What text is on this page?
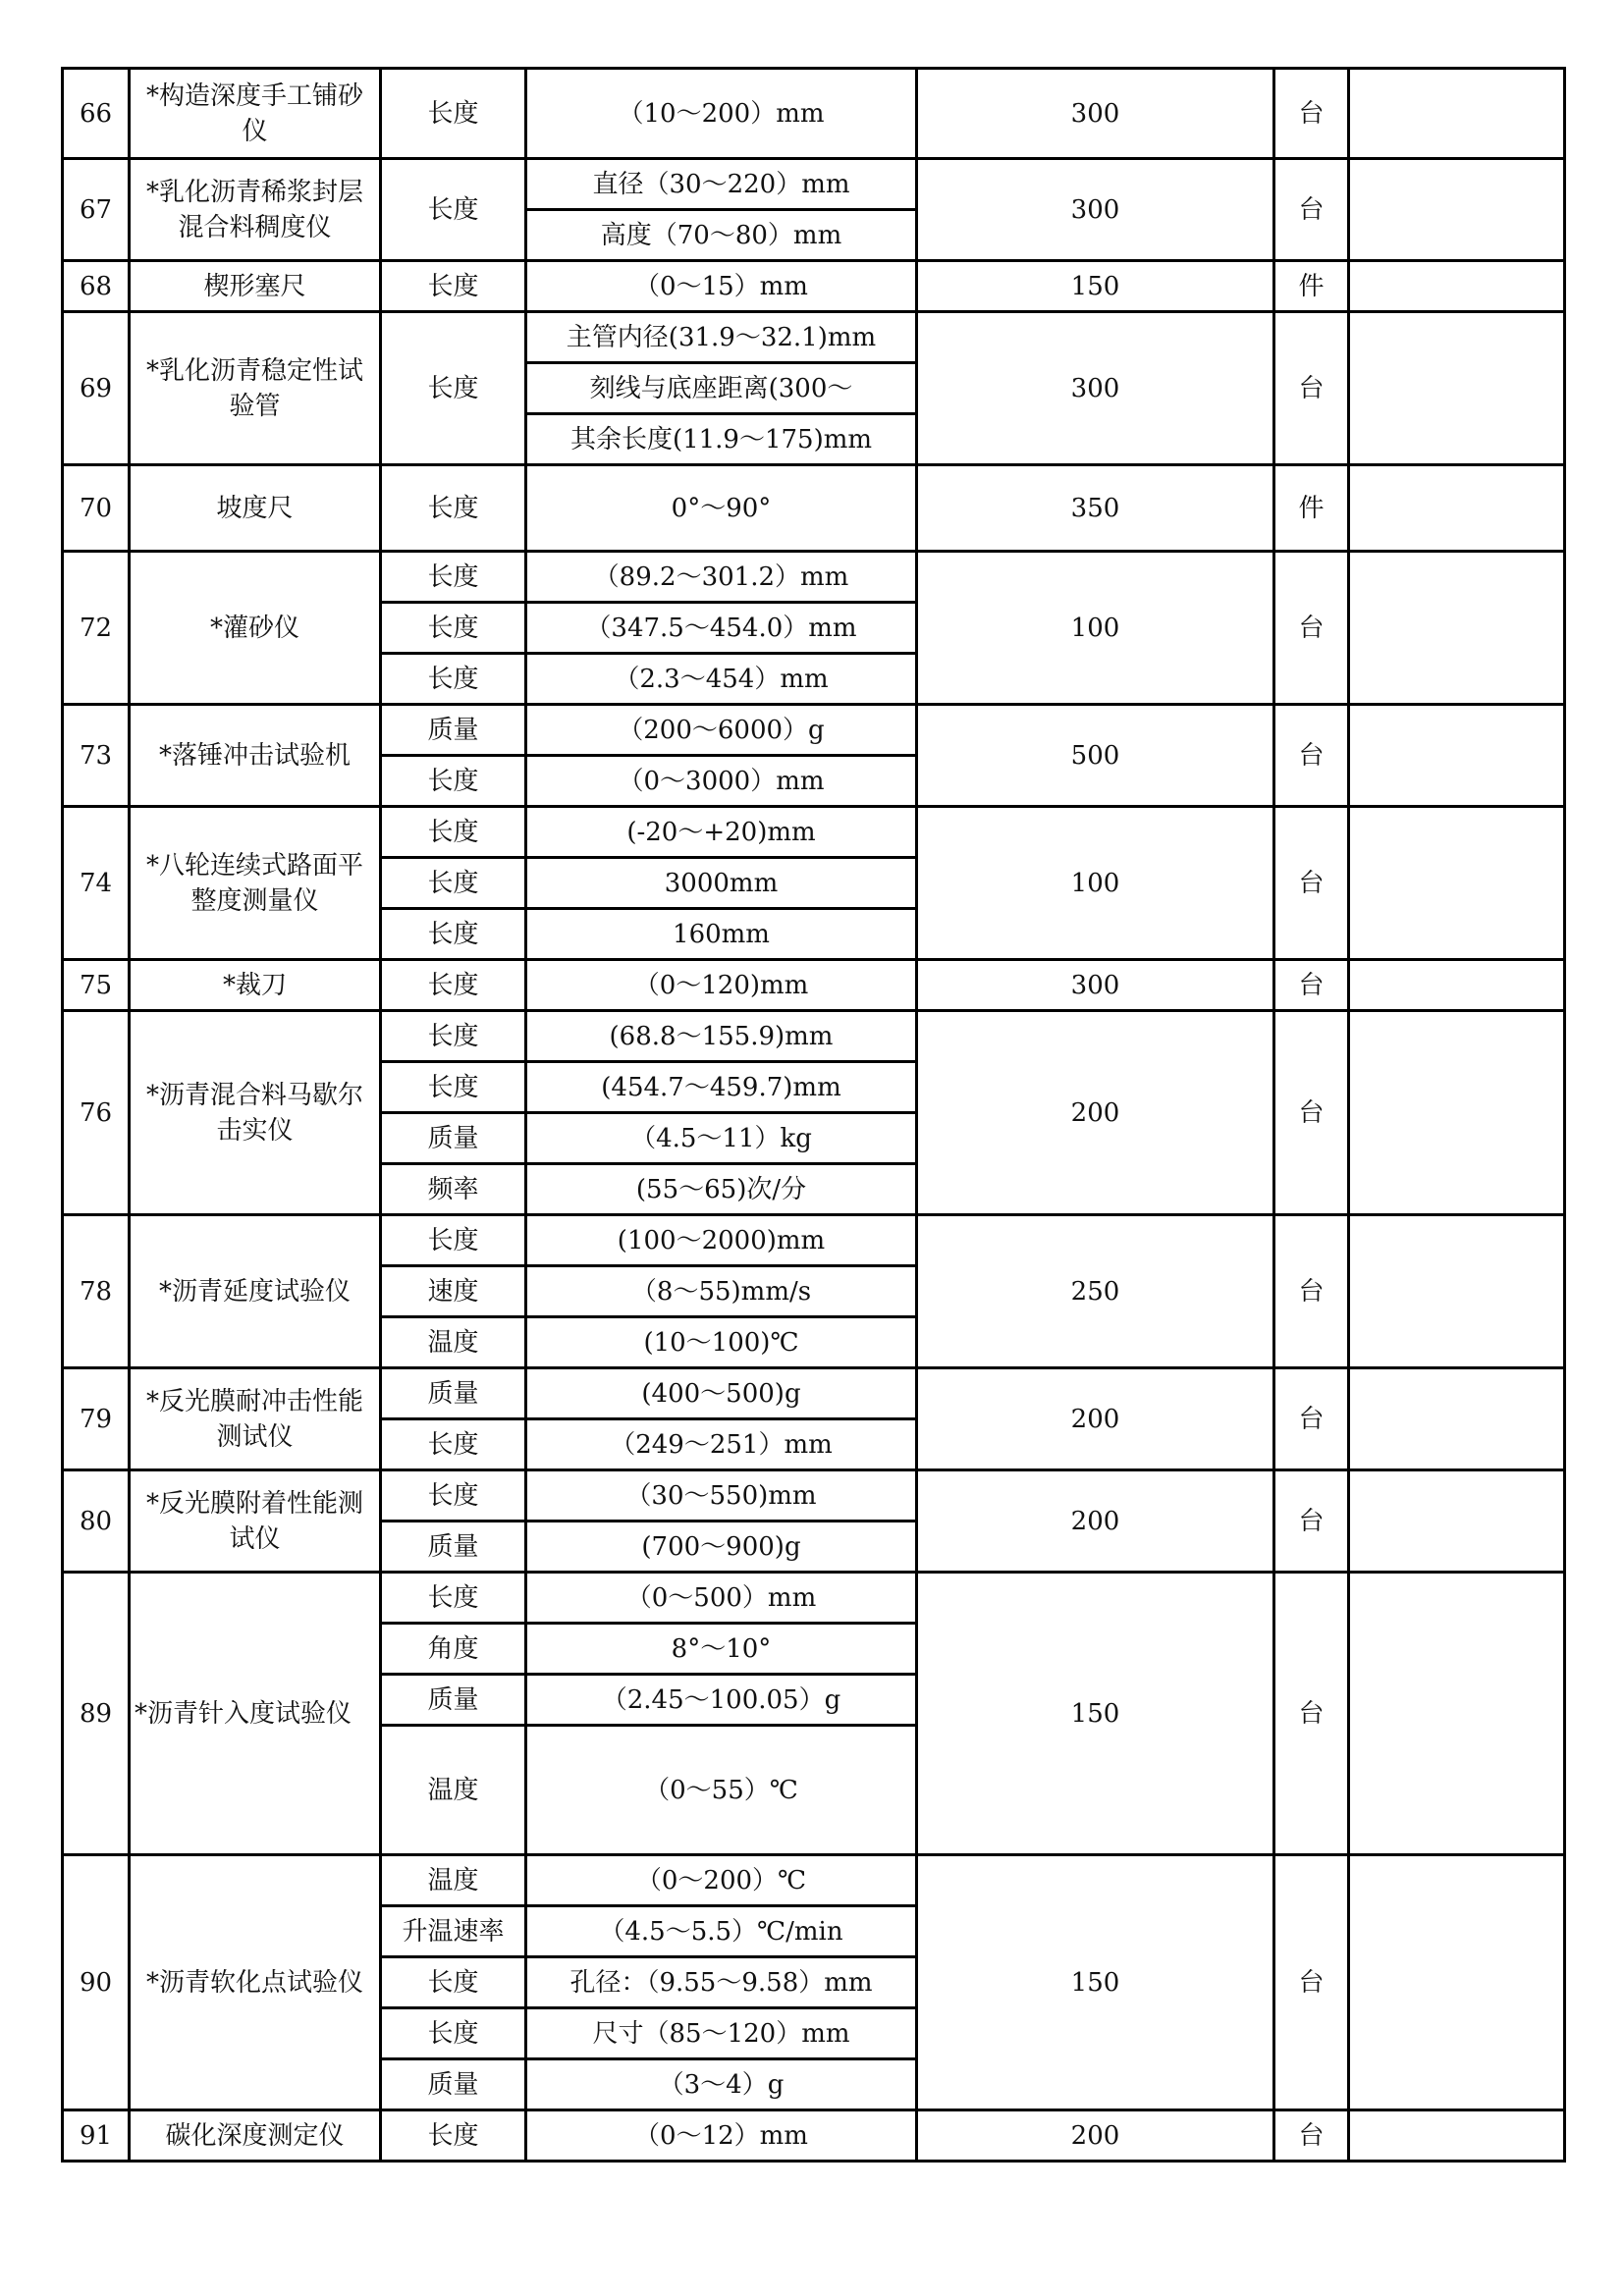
66	*构造深度手工铺砂仪	长度	（10～200）mm	300	台	
67	*乳化沥青稀浆封层混合料稠度仪	长度	直径（30～220）mm	300	台	
			高度（70～80）mm			
68	楔形塞尺	长度	（0～15）mm	150	件	
69	*乳化沥青稳定性试验管	长度	主管内径(31.9～32.1)mm	300	台	
			刻线与底座距离(300～			
			其余长度(11.9～175)mm			
70	坡度尺	长度	0°～90°	350	件	
72	*灌砂仪	长度	（89.2～301.2）mm	100	台	
		长度	（347.5～454.0）mm			
		长度	（2.3～454）mm			
73	*落锤冲击试验机	质量	（200～6000）g	500	台	
		长度	（0～3000）mm			
74	*八轮连续式路面平整度测量仪	长度	(-20～+20)mm	100	台	
		长度	3000mm			
		长度	160mm			
75	*裁刀	长度	（0～120)mm	300	台	
76	*沥青混合料马歇尔击实仪	长度	(68.8～155.9)mm	200	台	
		长度	(454.7～459.7)mm			
		质量	（4.5～11）kg			
		频率	(55～65)次/分			
78	*沥青延度试验仪	长度	(100～2000)mm	250	台	
		速度	（8～55)mm/s			
		温度	(10～100)℃			
79	*反光膜耐冲击性能测试仪	质量	(400～500)g	200	台	
		长度	（249～251）mm			
80	*反光膜附着性能测试仪	长度	（30～550)mm	200	台	
		质量	(700～900)g			
89	*沥青针入度试验仪	长度	（0～500）mm	150	台	
		角度	8°～10°			
		质量	（2.45～100.05）g			
		温度	（0～55）℃			
90	*沥青软化点试验仪	温度	（0～200）℃	150	台	
		升温速率	（4.5～5.5）℃/min			
		长度	孔径：（9.55～9.58）mm			
		长度	尺寸（85～120）mm			
		质量	（3～4）g			
91	碳化深度测定仪	长度	（0～12）mm	200	台	
